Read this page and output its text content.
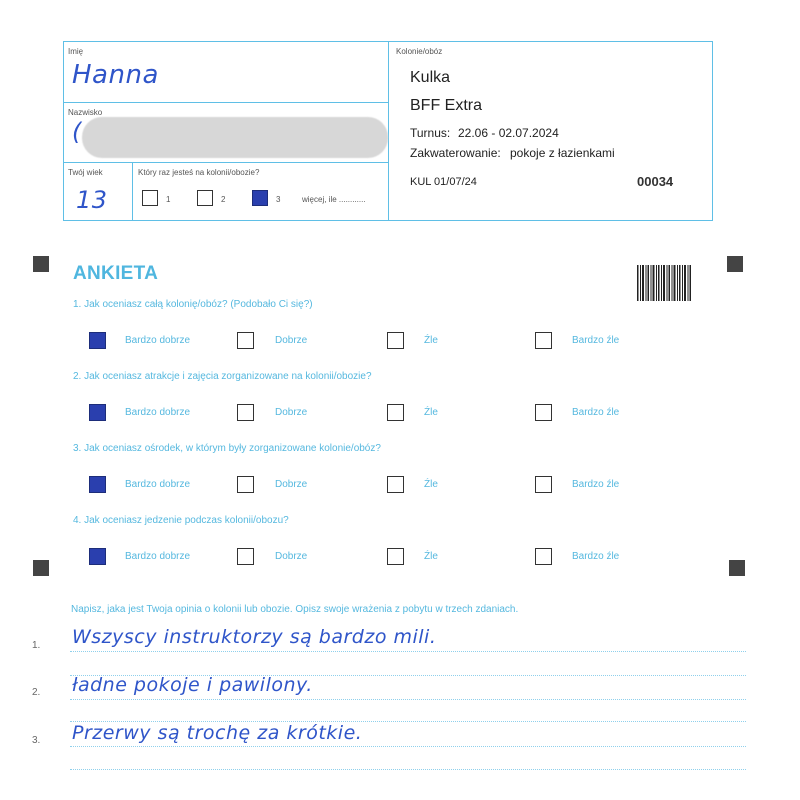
Imię
Hanna
Nazwisko
(
Twój wiek
13
Który raz jesteś na kolonii/obozie?
1	2	3	więcej, ile ............
Kolonie/obóz
Kulka
BFF Extra
Turnus: 22.06 - 02.07.2024
Zakwaterowanie: pokoje z łazienkami
KUL 01/07/24	00034
ANKIETA
1. Jak oceniasz całą kolonię/obóz? (Podobało Ci się?)
Bardzo dobrze	Dobrze	Źle	Bardzo źle
2. Jak oceniasz atrakcje i zajęcia zorganizowane na kolonii/obozie?
Bardzo dobrze	Dobrze	Źle	Bardzo źle
3. Jak oceniasz ośrodek, w którym były zorganizowane kolonie/obóz?
Bardzo dobrze	Dobrze	Źle	Bardzo źle
4. Jak oceniasz jedzenie podczas kolonii/obozu?
Bardzo dobrze	Dobrze	Źle	Bardzo źle
Napisz, jaka jest Twoja opinia o kolonii lub obozie. Opisz swoje wrażenia z pobytu w trzech zdaniach.
1. Wszyscy instruktorzy są bardzo mili.
2. ładne pokoje i pawilony.
3. Przerwy są trochę za krótkie.
